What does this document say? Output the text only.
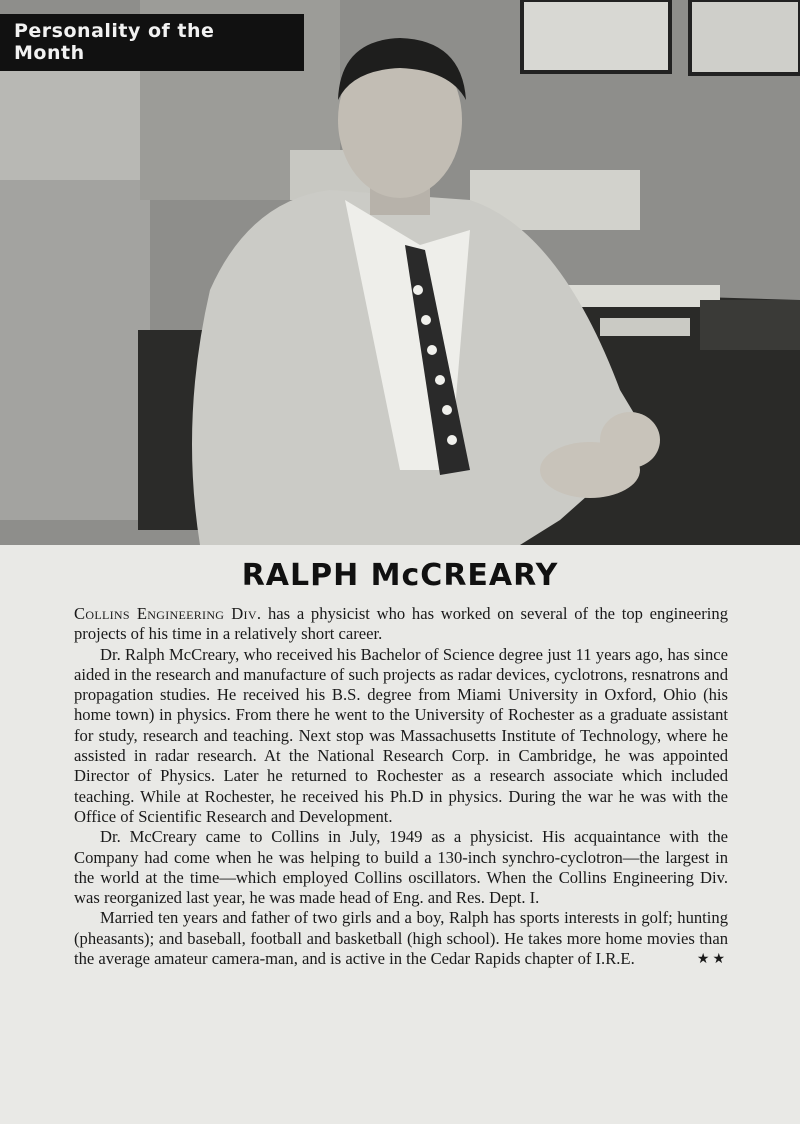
Personality of the Month
RALPH McCREARY

Collins Engineering Div. has a physicist who has worked on several of the top engineering projects of his time in a relatively short career.

Dr. Ralph McCreary, who received his Bachelor of Science degree just 11 years ago, has since aided in the research and manufacture of such projects as radar devices, cyclotrons, resnatrons and propagation studies. He received his B.S. degree from Miami University in Oxford, Ohio (his home town) in physics. From there he went to the University of Rochester as a graduate assistant for study, research and teaching. Next stop was Massachusetts Institute of Technology, where he assisted in radar research. At the National Research Corp. in Cambridge, he was appointed Director of Physics. Later he returned to Rochester as a research associate which included teaching. While at Rochester, he received his Ph.D in physics. During the war he was with the Office of Scientific Research and Development.

Dr. McCreary came to Collins in July, 1949 as a physicist. His acquaintance with the Company had come when he was helping to build a 130-inch synchro-cyclotron—the largest in the world at the time—which employed Collins oscillators. When the Collins Engineering Div. was reorganized last year, he was made head of Eng. and Res. Dept. I.

Married ten years and father of two girls and a boy, Ralph has sports interests in golf; hunting (pheasants); and baseball, football and basketball (high school). He takes more home movies than the average amateur camera-man, and is active in the Cedar Rapids chapter of I.R.E.	★★
